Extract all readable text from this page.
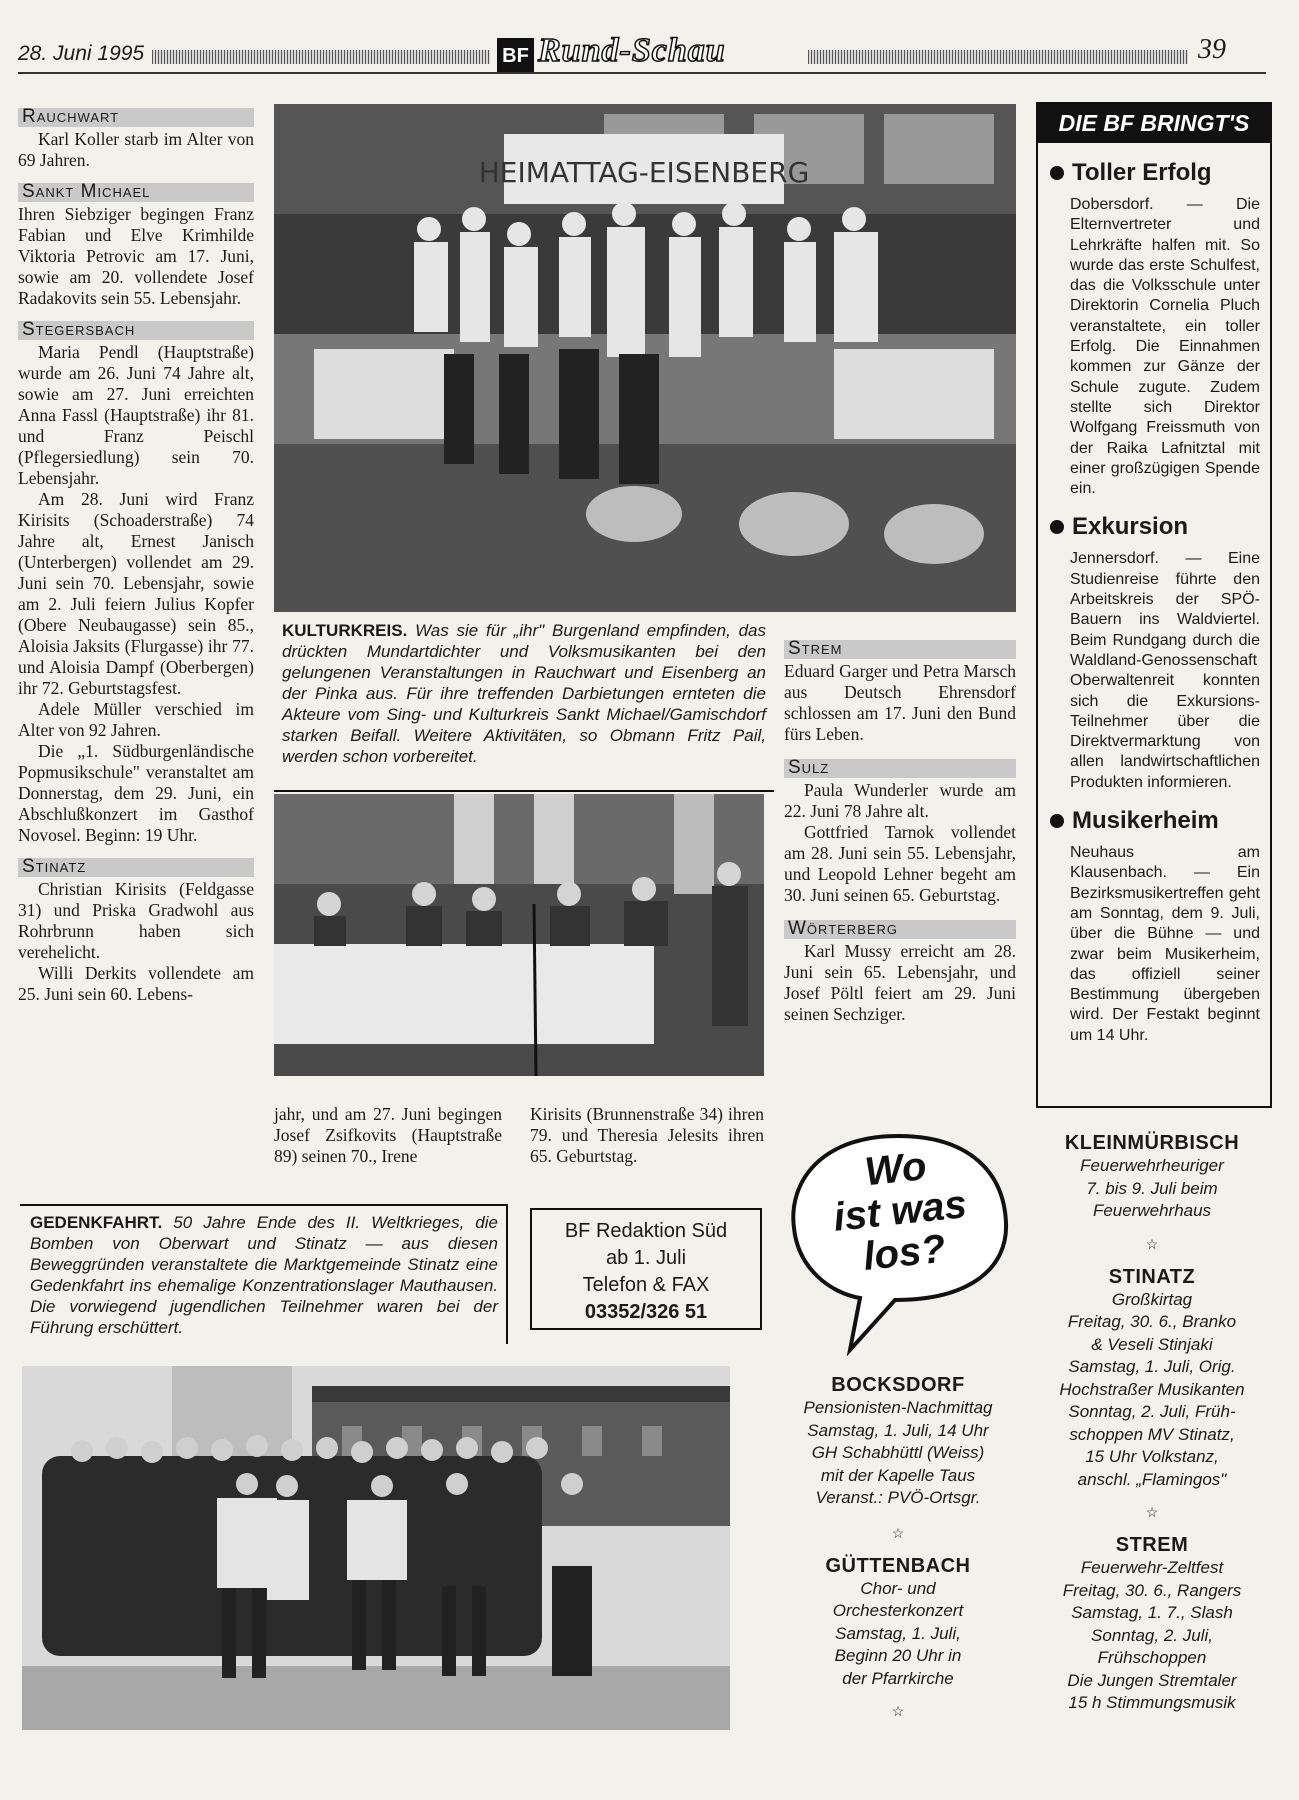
28. Juni 1995	BF Rund-Schau	39
Rauchwart

Karl Koller starb im Alter von 69 Jahren.

Sankt Michael

Ihren Siebziger begingen Franz Fabian und Elve Krimhilde Viktoria Petrovic am 17. Juni, sowie am 20. vollendete Josef Radakovits sein 55. Lebensjahr.

Stegersbach

Maria Pendl (Hauptstraße) wurde am 26. Juni 74 Jahre alt, sowie am 27. Juni erreichten Anna Fassl (Hauptstraße) ihr 81. und Franz Peischl (Pflegersiedlung) sein 70. Lebensjahr.

Am 28. Juni wird Franz Kirisits (Schoaderstraße) 74 Jahre alt, Ernest Janisch (Unterbergen) vollendet am 29. Juni sein 70. Lebensjahr, sowie am 2. Juli feiern Julius Kopfer (Obere Neubaugasse) sein 85., Aloisia Jaksits (Flurgasse) ihr 77. und Aloisia Dampf (Oberbergen) ihr 72. Geburtstagsfest.

Adele Müller verschied im Alter von 92 Jahren.

Die „1. Südburgenländische Popmusikschule" veranstaltet am Donnerstag, dem 29. Juni, ein Abschlußkonzert im Gasthof Novosel. Beginn: 19 Uhr.

Stinatz

Christian Kirisits (Feldgasse 31) und Priska Gradwohl aus Rohrbrunn haben sich verehelicht.

Willi Derkits vollendete am 25. Juni sein 60. Lebens-

HEIMATTAG-EISENBERG
KULTURKREIS. Was sie für „ihr" Burgenland empfinden, das drückten Mundartdichter und Volksmusikanten bei den gelungenen Veranstaltungen in Rauchwart und Eisenberg an der Pinka aus. Für ihre treffenden Darbietungen ernteten die Akteure vom Sing- und Kulturkreis Sankt Michael/Gamischdorf starken Beifall. Weitere Aktivitäten, so Obmann Fritz Pail, werden schon vorbereitet.

jahr, und am 27. Juni begingen Josef Zsifkovits (Hauptstraße 89) seinen 70., Irene

Kirisits (Brunnenstraße 34) ihren 79. und Theresia Jelesits ihren 65. Geburtstag.

Strem

Eduard Garger und Petra Marsch aus Deutsch Ehrensdorf schlossen am 17. Juni den Bund fürs Leben.

Sulz

Paula Wunderler wurde am 22. Juni 78 Jahre alt.

Gottfried Tarnok vollendet am 28. Juni sein 55. Lebensjahr, und Leopold Lehner begeht am 30. Juni seinen 65. Geburtstag.

Wörterberg

Karl Mussy erreicht am 28. Juni sein 65. Lebensjahr, und Josef Pöltl feiert am 29. Juni seinen Sechziger.

DIE BF BRINGT'S
Toller Erfolg
Dobersdorf. — Die Elternvertreter und Lehrkräfte halfen mit. So wurde das erste Schulfest, das die Volksschule unter Direktorin Cornelia Pluch veranstaltete, ein toller Erfolg. Die Einnahmen kommen zur Gänze der Schule zugute. Zudem stellte sich Direktor Wolfgang Freissmuth von der Raika Lafnitztal mit einer großzügigen Spende ein.
Exkursion
Jennersdorf. — Eine Studienreise führte den Arbeitskreis der SPÖ-Bauern ins Waldviertel. Beim Rundgang durch die Waldland-Genossenschaft Oberwaltenreit konnten sich die Exkursions-Teilnehmer über die Direktvermarktung von allen landwirtschaftlichen Produkten informieren.
Musikerheim
Neuhaus am Klausenbach. — Ein Bezirksmusikertreffen geht am Sonntag, dem 9. Juli, über die Bühne — und zwar beim Musikerheim, das offiziell seiner Bestimmung übergeben wird. Der Festakt beginnt um 14 Uhr.
GEDENKFAHRT. 50 Jahre Ende des II. Weltkrieges, die Bomben von Oberwart und Stinatz — aus diesen Beweggründen veranstaltete die Marktgemeinde Stinatz eine Gedenkfahrt ins ehemalige Konzentrationslager Mauthausen. Die vorwiegend jugendlichen Teilnehmer waren bei der Führung erschüttert.
BF Redaktion Süd
ab 1. Juli
Telefon & FAX
03352/326 51
Wo
ist was
los?
BOCKSDORF
Pensionisten-Nachmittag
Samstag, 1. Juli, 14 Uhr
GH Schabhüttl (Weiss)
mit der Kapelle Taus
Veranst.: PVÖ-Ortsgr.
☆
GÜTTENBACH
Chor- und
Orchesterkonzert
Samstag, 1. Juli,
Beginn 20 Uhr in
der Pfarrkirche
☆
KLEINMÜRBISCH
Feuerwehrheuriger
7. bis 9. Juli beim
Feuerwehrhaus
☆
STINATZ
Großkirtag
Freitag, 30. 6., Branko
& Veseli Stinjaki
Samstag, 1. Juli, Orig.
Hochstraßer Musikanten
Sonntag, 2. Juli, Früh-
schoppen MV Stinatz,
15 Uhr Volkstanz,
anschl. „Flamingos"
☆
STREM
Feuerwehr-Zeltfest
Freitag, 30. 6., Rangers
Samstag, 1. 7., Slash
Sonntag, 2. Juli,
Frühschoppen
Die Jungen Stremtaler
15 h Stimmungsmusik
